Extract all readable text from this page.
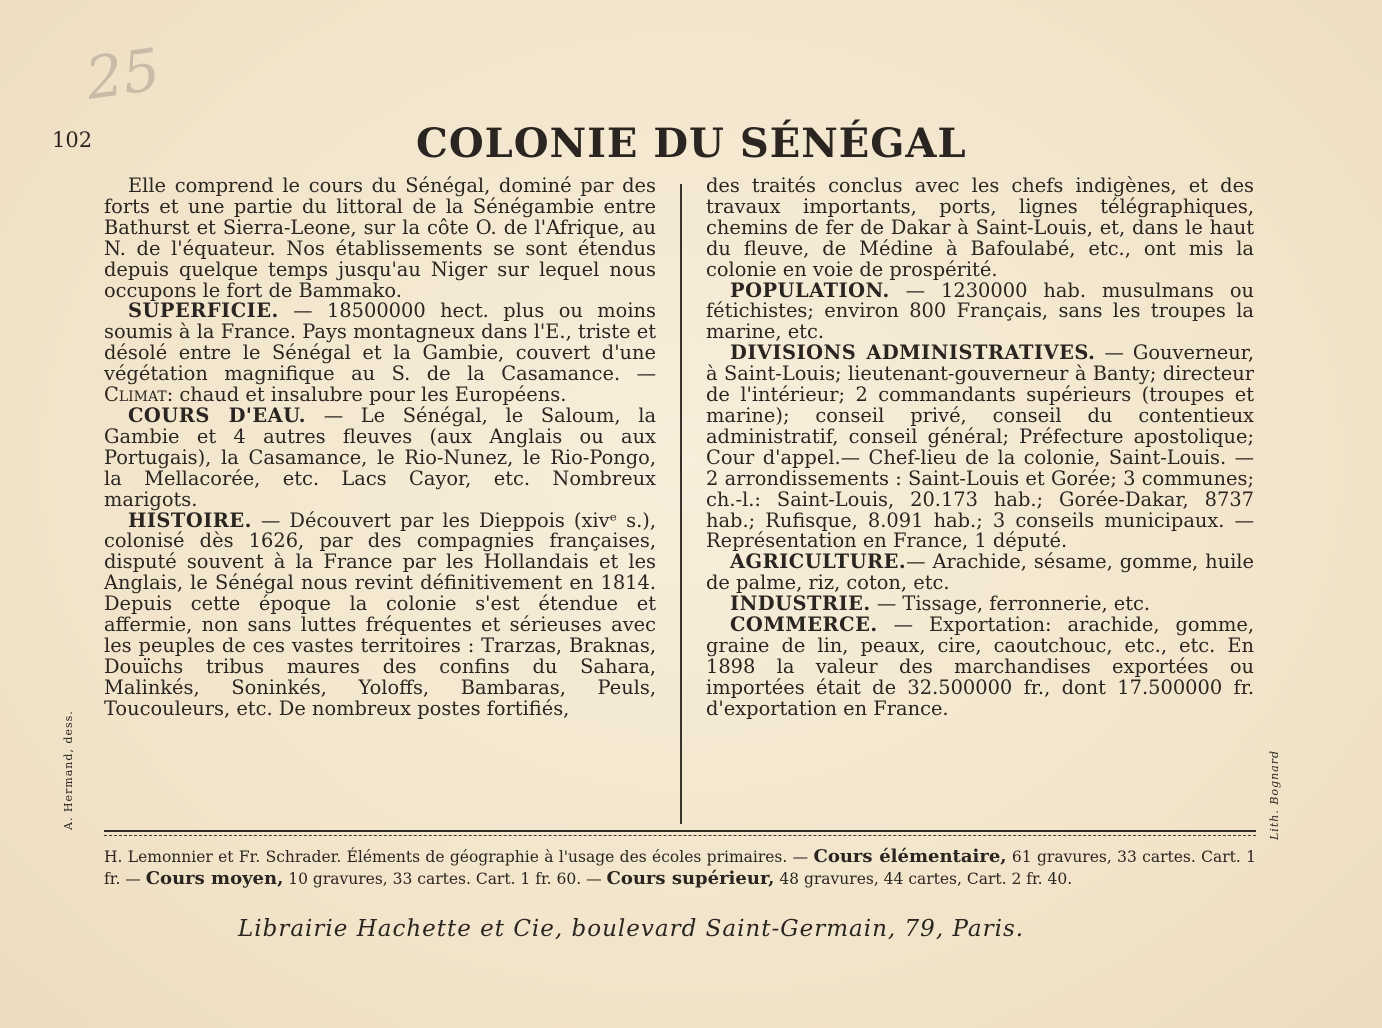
25
102	COLONIE DU SÉNÉGAL

Elle comprend le cours du Sénégal, dominé par des forts et une partie du littoral de la Sénégambie entre Bathurst et Sierra-Leone, sur la côte O. de l'Afrique, au N. de l'équateur. Nos établissements se sont étendus depuis quelque temps jusqu'au Niger sur lequel nous occupons le fort de Bammako.

SUPERFICIE. — 18500000 hect. plus ou moins soumis à la France. Pays montagneux dans l'E., triste et désolé entre le Sénégal et la Gambie, couvert d'une végétation magnifique au S. de la Casamance. — Climat: chaud et insalubre pour les Européens.

COURS D'EAU. — Le Sénégal, le Saloum, la Gambie et 4 autres fleuves (aux Anglais ou aux Portugais), la Casamance, le Rio-Nunez, le Rio-Pongo, la Mellacorée, etc. Lacs Cayor, etc. Nombreux marigots.

HISTOIRE. — Découvert par les Dieppois (xivᵉ s.), colonisé dès 1626, par des compagnies françaises, disputé souvent à la France par les Hollandais et les Anglais, le Sénégal nous revint définitivement en 1814. Depuis cette époque la colonie s'est étendue et affermie, non sans luttes fréquentes et sérieuses avec les peuples de ces vastes territoires : Trarzas, Braknas, Douïchs tribus maures des confins du Sahara, Malinkés, Soninkés, Yoloffs, Bambaras, Peuls, Toucouleurs, etc. De nombreux postes fortifiés,

des traités conclus avec les chefs indigènes, et des travaux importants, ports, lignes télégraphiques, chemins de fer de Dakar à Saint-Louis, et, dans le haut du fleuve, de Médine à Bafoulabé, etc., ont mis la colonie en voie de prospérité.

POPULATION. — 1230000 hab. musulmans ou fétichistes; environ 800 Français, sans les troupes la marine, etc.

DIVISIONS ADMINISTRATIVES. — Gouverneur, à Saint-Louis; lieutenant-gouverneur à Banty; directeur de l'intérieur; 2 commandants supérieurs (troupes et marine); conseil privé, conseil du contentieux administratif, conseil général; Préfecture apostolique; Cour d'appel.— Chef-lieu de la colonie, Saint-Louis. — 2 arrondissements : Saint-Louis et Gorée; 3 communes; ch.-l.: Saint-Louis, 20.173 hab.; Gorée-Dakar, 8737 hab.; Rufisque, 8.091 hab.; 3 conseils municipaux. — Représentation en France, 1 député.

AGRICULTURE.— Arachide, sésame, gomme, huile de palme, riz, coton, etc.

INDUSTRIE. — Tissage, ferronnerie, etc.

COMMERCE. — Exportation: arachide, gomme, graine de lin, peaux, cire, caoutchouc, etc., etc. En 1898 la valeur des marchandises exportées ou importées était de 32.500000 fr., dont 17.500000 fr. d'exportation en France.

A. Hermand, dess.	Lith. Bognard
H. Lemonnier et Fr. Schrader. Éléments de géographie à l'usage des écoles primaires. — Cours élémentaire, 61 gravures, 33 cartes. Cart. 1 fr. — Cours moyen, 10 gravures, 33 cartes. Cart. 1 fr. 60. — Cours supérieur, 48 gravures, 44 cartes, Cart. 2 fr. 40.
Librairie Hachette et Cie, boulevard Saint-Germain, 79, Paris.
